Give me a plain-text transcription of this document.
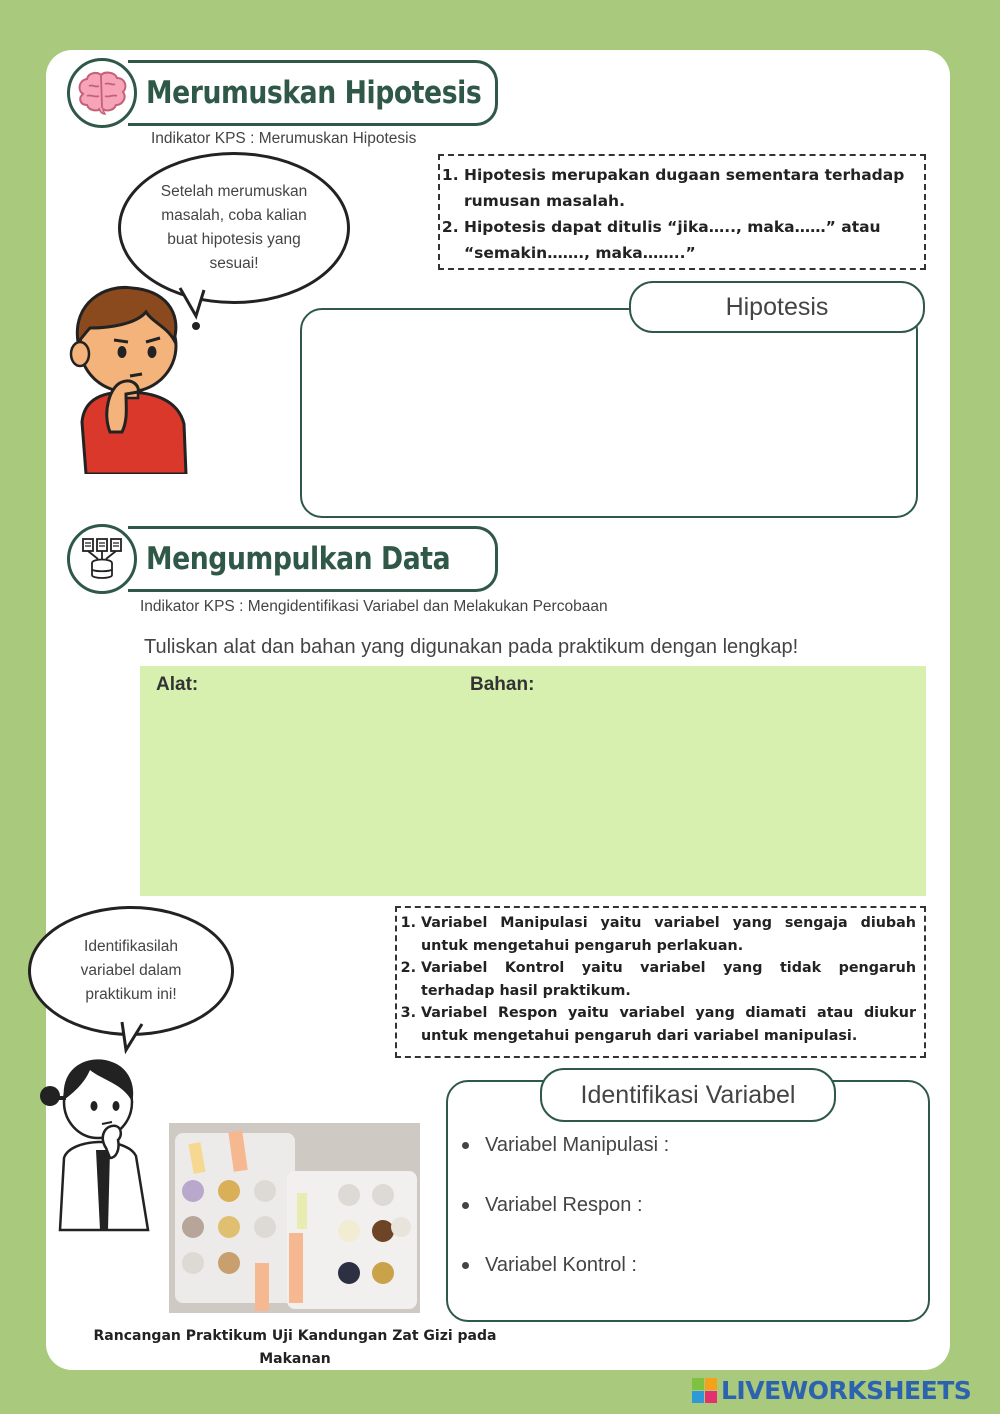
Merumuskan Hipotesis
Indikator KPS : Merumuskan Hipotesis
Setelah merumuskan masalah, coba kalian buat hipotesis yang sesuai!
1. Hipotesis merupakan dugaan sementara terhadap rumusan masalah.
2. Hipotesis dapat ditulis “jika….., maka……” atau “semakin……., maka……..”
Hipotesis
Mengumpulkan Data
Indikator KPS : Mengidentifikasi Variabel dan Melakukan Percobaan
Tuliskan alat dan bahan yang digunakan pada praktikum dengan lengkap!
Alat:	Bahan:
Identifikasilah variabel dalam praktikum ini!
1. Variabel Manipulasi yaitu variabel yang sengaja diubah untuk mengetahui pengaruh perlakuan.
2. Variabel Kontrol yaitu variabel yang tidak pengaruh terhadap hasil praktikum.
3. Variabel Respon yaitu variabel yang diamati atau diukur untuk mengetahui pengaruh dari variabel manipulasi.
Identifikasi Variabel
Variabel Manipulasi :
Variabel Respon :
Variabel Kontrol :
Rancangan Praktikum Uji Kandungan Zat Gizi pada Makanan
LIVEWORKSHEETS
